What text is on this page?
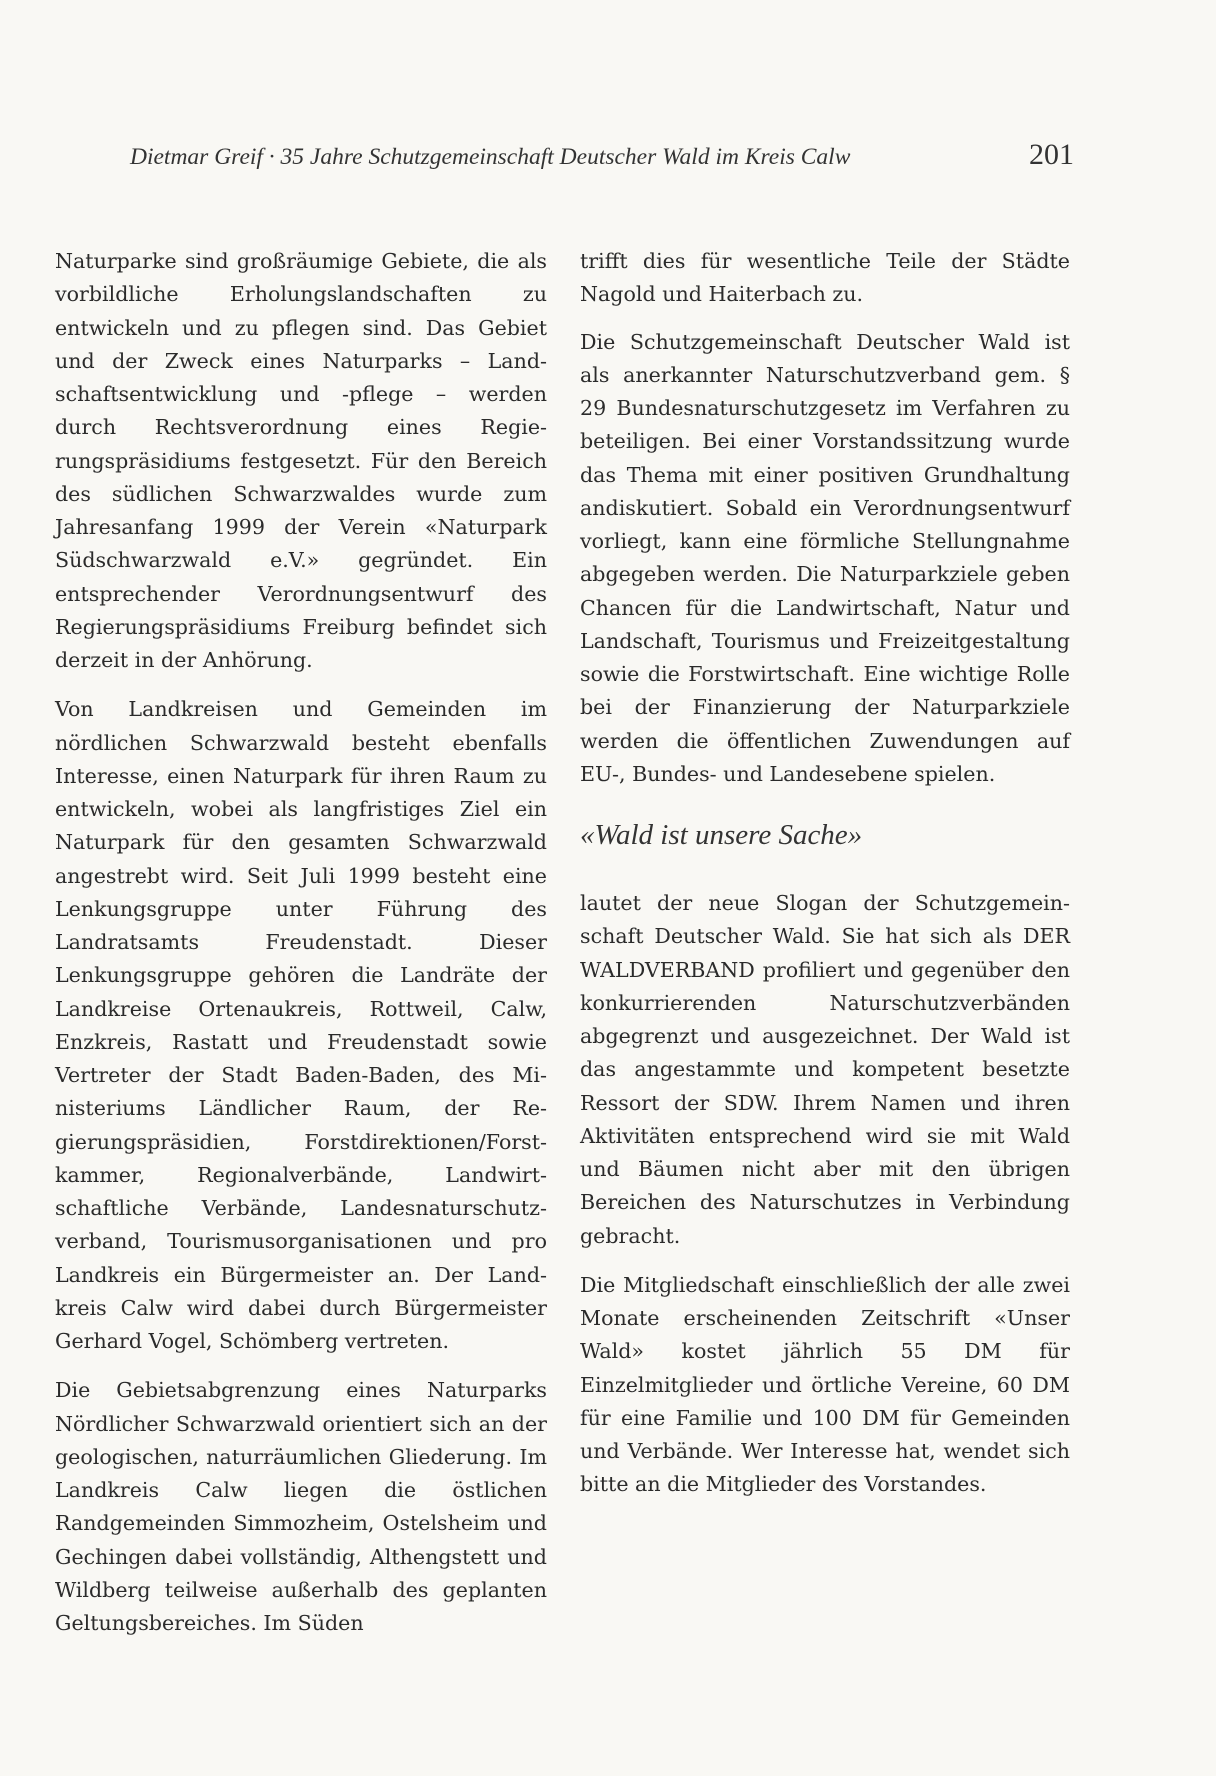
Dietmar Greif · 35 Jahre Schutzgemeinschaft Deutscher Wald im Kreis Calw	201

Naturparke sind großräumige Gebiete, die als vorbildliche Erholungslandschaften zu entwickeln und zu pflegen sind. Das Gebiet und der Zweck eines Naturparks – Landschaftsentwicklung und -pflege – werden durch Rechtsverordnung eines Regierungspräsidiums festgesetzt. Für den Bereich des südlichen Schwarzwaldes wurde zum Jahresanfang 1999 der Verein «Naturpark Südschwarzwald e.V.» gegründet. Ein entsprechender Verordnungsentwurf des Regierungspräsidiums Freiburg befindet sich derzeit in der Anhörung.

Von Landkreisen und Gemeinden im nördlichen Schwarzwald besteht ebenfalls Interesse, einen Naturpark für ihren Raum zu entwickeln, wobei als langfristiges Ziel ein Naturpark für den gesamten Schwarzwald angestrebt wird. Seit Juli 1999 besteht eine Lenkungsgruppe unter Führung des Landratsamts Freudenstadt. Dieser Lenkungsgruppe gehören die Landräte der Landkreise Ortenaukreis, Rottweil, Calw, Enzkreis, Rastatt und Freudenstadt sowie Vertreter der Stadt Baden-Baden, des Ministeriums Ländlicher Raum, der Regierungspräsidien, Forstdirektionen/Forstkammer, Regionalverbände, Landwirtschaftliche Verbände, Landesnaturschutzverband, Tourismusorganisationen und pro Landkreis ein Bürgermeister an. Der Landkreis Calw wird dabei durch Bürgermeister Gerhard Vogel, Schömberg vertreten.

Die Gebietsabgrenzung eines Naturparks Nördlicher Schwarzwald orientiert sich an der geologischen, naturräumlichen Gliederung. Im Landkreis Calw liegen die östlichen Randgemeinden Simmozheim, Ostelsheim und Gechingen dabei vollständig, Althengstett und Wildberg teilweise außerhalb des geplanten Geltungsbereiches. Im Süden

trifft dies für wesentliche Teile der Städte Nagold und Haiterbach zu.

Die Schutzgemeinschaft Deutscher Wald ist als anerkannter Naturschutzverband gem. § 29 Bundesnaturschutzgesetz im Verfahren zu beteiligen. Bei einer Vorstandssitzung wurde das Thema mit einer positiven Grundhaltung andiskutiert. Sobald ein Verordnungsentwurf vorliegt, kann eine förmliche Stellungnahme abgegeben werden. Die Naturparkziele geben Chancen für die Landwirtschaft, Natur und Landschaft, Tourismus und Freizeitgestaltung sowie die Forstwirtschaft. Eine wichtige Rolle bei der Finanzierung der Naturparkziele werden die öffentlichen Zuwendungen auf EU-, Bundes- und Landesebene spielen.

«Wald ist unsere Sache»

lautet der neue Slogan der Schutzgemeinschaft Deutscher Wald. Sie hat sich als DER WALDVERBAND profiliert und gegenüber den konkurrierenden Naturschutzverbänden abgegrenzt und ausgezeichnet. Der Wald ist das angestammte und kompetent besetzte Ressort der SDW. Ihrem Namen und ihren Aktivitäten entsprechend wird sie mit Wald und Bäumen nicht aber mit den übrigen Bereichen des Naturschutzes in Verbindung gebracht.

Die Mitgliedschaft einschließlich der alle zwei Monate erscheinenden Zeitschrift «Unser Wald» kostet jährlich 55 DM für Einzelmitglieder und örtliche Vereine, 60 DM für eine Familie und 100 DM für Gemeinden und Verbände. Wer Interesse hat, wendet sich bitte an die Mitglieder des Vorstandes.
